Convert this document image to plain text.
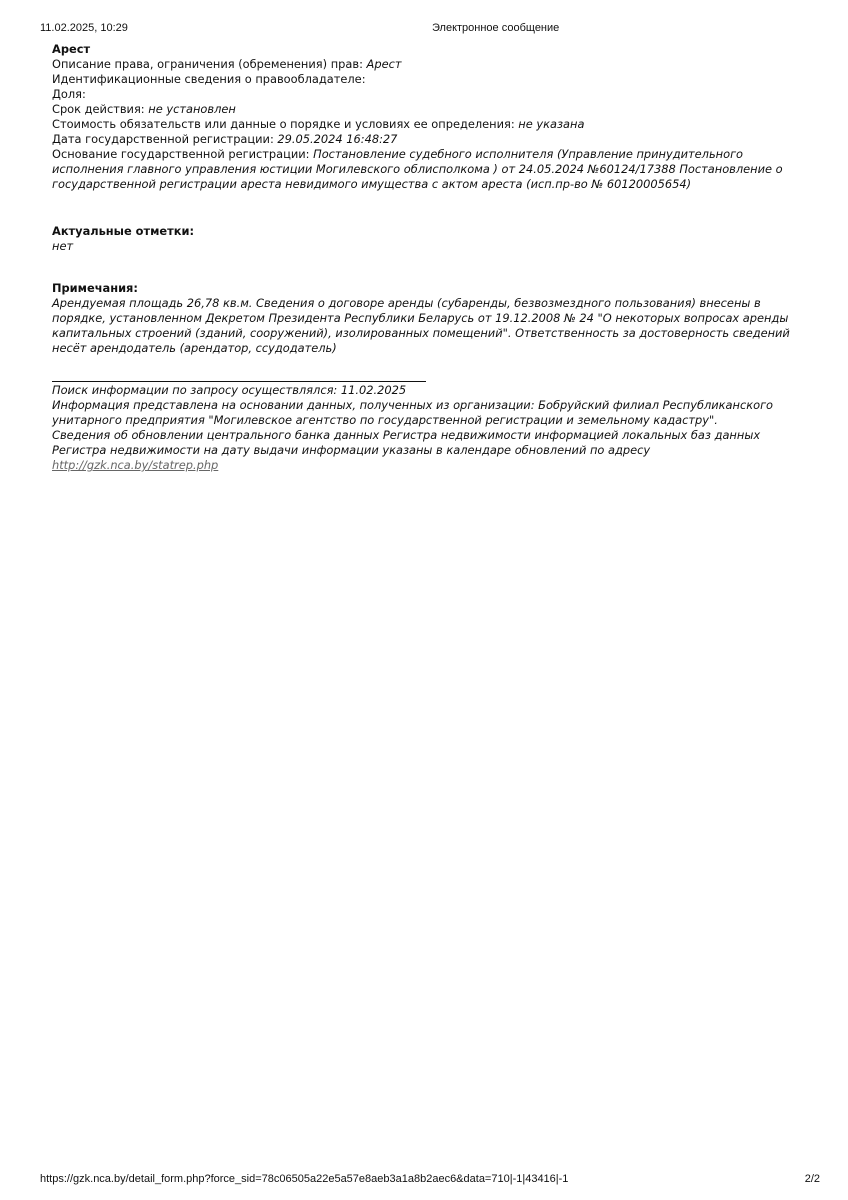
11.02.2025, 10:29	Электронное сообщение

Арест

Описание права, ограничения (обременения) прав: Арест

Идентификационные сведения о правообладателе:

Доля:

Срок действия: не установлен

Стоимость обязательств или данные о порядке и условиях ее определения: не указана

Дата государственной регистрации: 29.05.2024 16:48:27

Основание государственной регистрации: Постановление судебного исполнителя (Управление принудительного исполнения главного управления юстиции Могилевского облисполкома ) от 24.05.2024 №60124/17388 Постановление о государственной регистрации ареста невидимого имущества с актом ареста (исп.пр-во № 60120005654)

Актуальные отметки:

нет

Примечания:

Арендуемая площадь 26,78 кв.м. Сведения о договоре аренды (субаренды, безвозмездного пользования) внесены в порядке, установленном Декретом Президента Республики Беларусь от 19.12.2008 № 24 "О некоторых вопросах аренды капитальных строений (зданий, сооружений), изолированных помещений". Ответственность за достоверность сведений несёт арендодатель (арендатор, ссудодатель)

Поиск информации по запросу осуществлялся: 11.02.2025

Информация представлена на основании данных, полученных из организации: Бобруйский филиал Республиканского унитарного предприятия "Могилевское агентство по государственной регистрации и земельному кадастру".

Сведения об обновлении центрального банка данных Регистра недвижимости информацией локальных баз данных Регистра недвижимости на дату выдачи информации указаны в календаре обновлений по адресу

http://gzk.nca.by/statrep.php

https://gzk.nca.by/detail_form.php?force_sid=78c06505a22e5a57e8aeb3a1a8b2aec6&data=710|-1|43416|-1	2/2
